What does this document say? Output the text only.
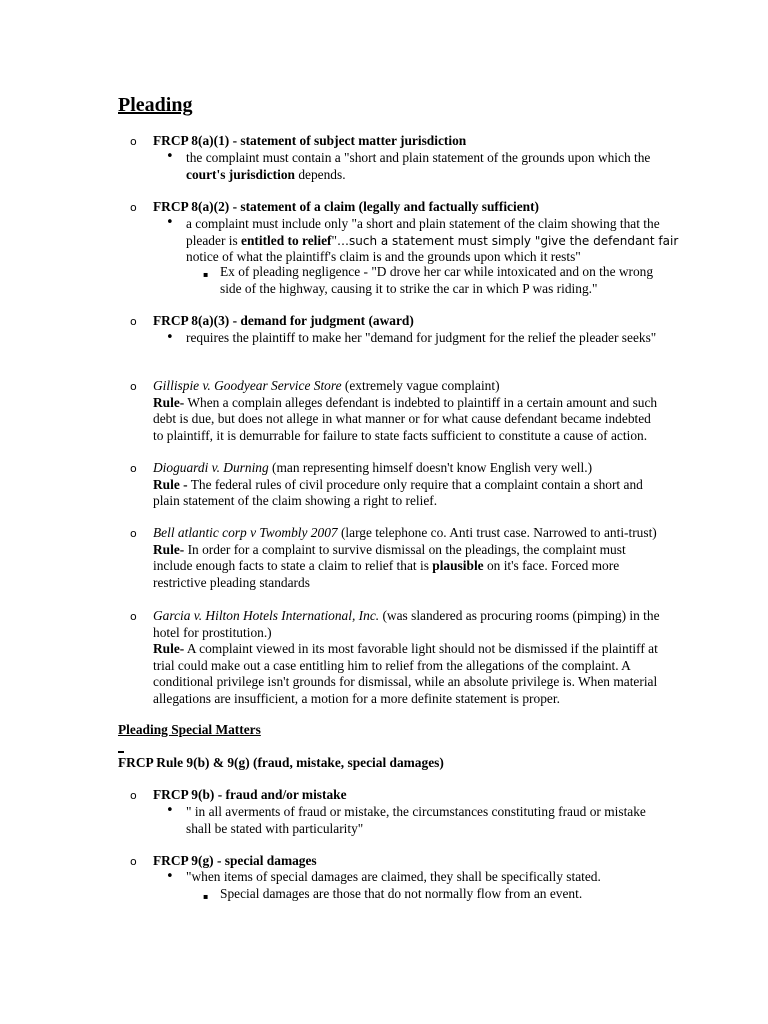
Pleading
o FRCP 8(a)(1) - statement of subject matter jurisdiction
• the complaint must contain a "short and plain statement of the grounds upon which the

court's jurisdiction depends.

o FRCP 8(a)(2) - statement of a claim (legally and factually sufficient)
• a complaint must include only "a short and plain statement of the claim showing that the

pleader is entitled to relief"…such a statement must simply "give the defendant fair

notice of what the plaintiff's claim is and the grounds upon which it rests"

▪ Ex of pleading negligence - "D drove her car while intoxicated and on the wrong

side of the highway, causing it to strike the car in which P was riding."

o FRCP 8(a)(3) - demand for judgment (award)
• requires the plaintiff to make her "demand for judgment for the relief the pleader seeks"
o Gillispie v. Goodyear Service Store (extremely vague complaint)

Rule- When a complain alleges defendant is indebted to plaintiff in a certain amount and such

debt is due, but does not allege in what manner or for what cause defendant became indebted

to plaintiff, it is demurrable for failure to state facts sufficient to constitute a cause of action.

o Dioguardi v. Durning (man representing himself doesn't know English very well.)

Rule - The federal rules of civil procedure only require that a complaint contain a short and

plain statement of the claim showing a right to relief.

o Bell atlantic corp v Twombly 2007 (large telephone co. Anti trust case. Narrowed to anti-trust)

Rule- In order for a complaint to survive dismissal on the pleadings, the complaint must

include enough facts to state a claim to relief that is plausible on it's face. Forced more

restrictive pleading standards

o Garcia v. Hilton Hotels International, Inc. (was slandered as procuring rooms (pimping) in the

hotel for prostitution.)

Rule- A complaint viewed in its most favorable light should not be dismissed if the plaintiff at

trial could make out a case entitling him to relief from the allegations of the complaint. A

conditional privilege isn't grounds for dismissal, while an absolute privilege is. When material

allegations are insufficient, a motion for a more definite statement is proper.

Pleading Special Matters
FRCP Rule 9(b) & 9(g) (fraud, mistake, special damages)
o FRCP 9(b) - fraud and/or mistake
• " in all averments of fraud or mistake, the circumstances constituting fraud or mistake

shall be stated with particularity"

o FRCP 9(g) - special damages
• "when items of special damages are claimed, they shall be specifically stated.
▪ Special damages are those that do not normally flow from an event.
